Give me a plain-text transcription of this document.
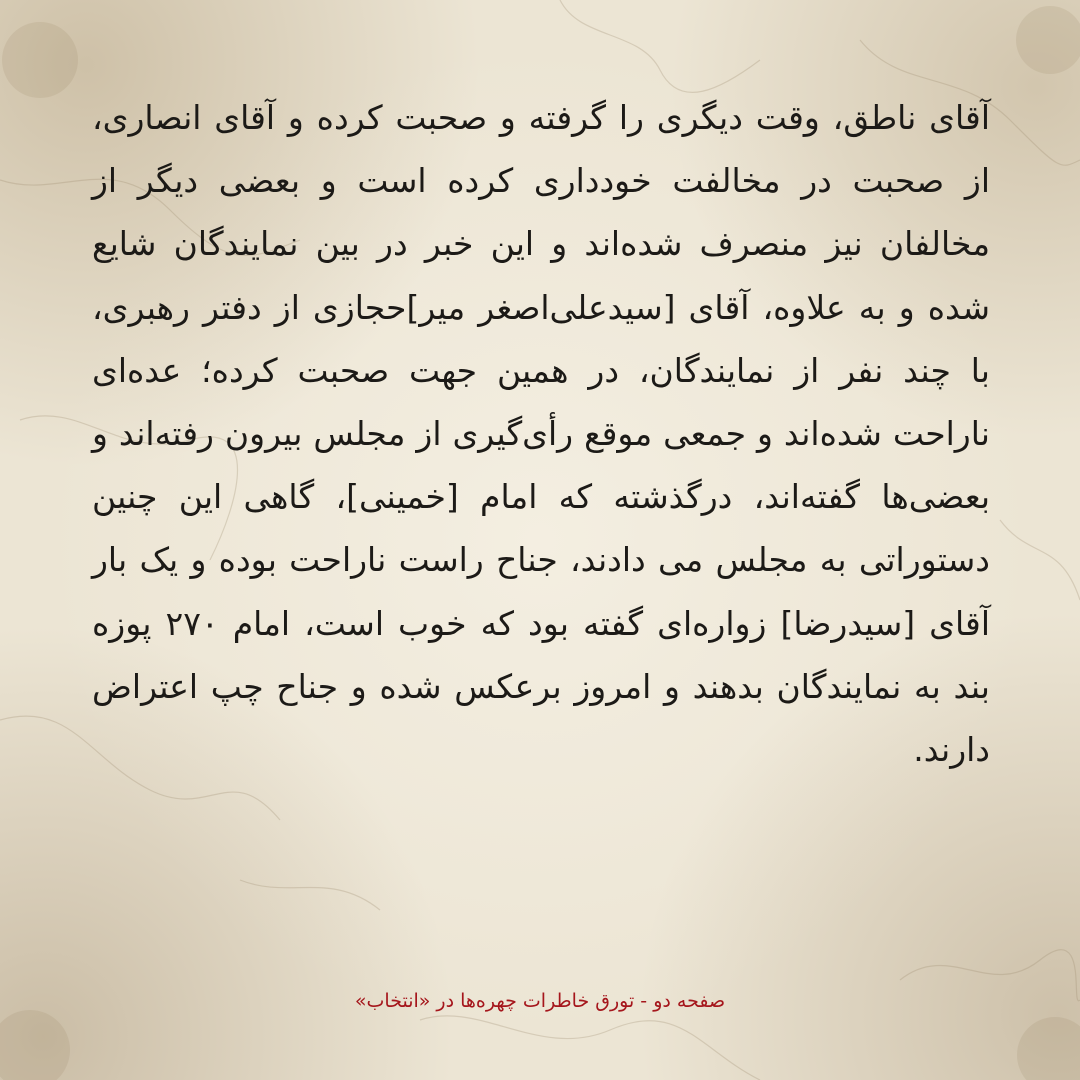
آقای ناطق، وقت دیگری را گرفته و صحبت کرده و آقای انصاری، از صحبت در مخالفت خودداری کرده است و بعضی دیگر از مخالفان نیز منصرف شده‌اند و این خبر در بین نمایندگان شایع شده و به علاوه، آقای [سیدعلی‌اصغر میر]حجازی از دفتر رهبری، با چند نفر از نمایندگان، در همین جهت صحبت کرده؛ عده‌ای ناراحت شده‌اند و جمعی موقع رأی‌گیری از مجلس بیرون رفته‌اند و بعضی‌ها گفته‌اند، درگذشته که امام [خمینی]، گاهی این چنین دستوراتی به مجلس می دادند، جناح راست ناراحت بوده و یک بار آقای [سیدرضا] زواره‌ای گفته بود که خوب است، امام ۲۷۰ پوزه بند به نمایندگان بدهند و امروز برعکس شده و جناح چپ اعتراض دارند.

صفحه دو - تورق خاطرات چهره‌ها در «انتخاب»
